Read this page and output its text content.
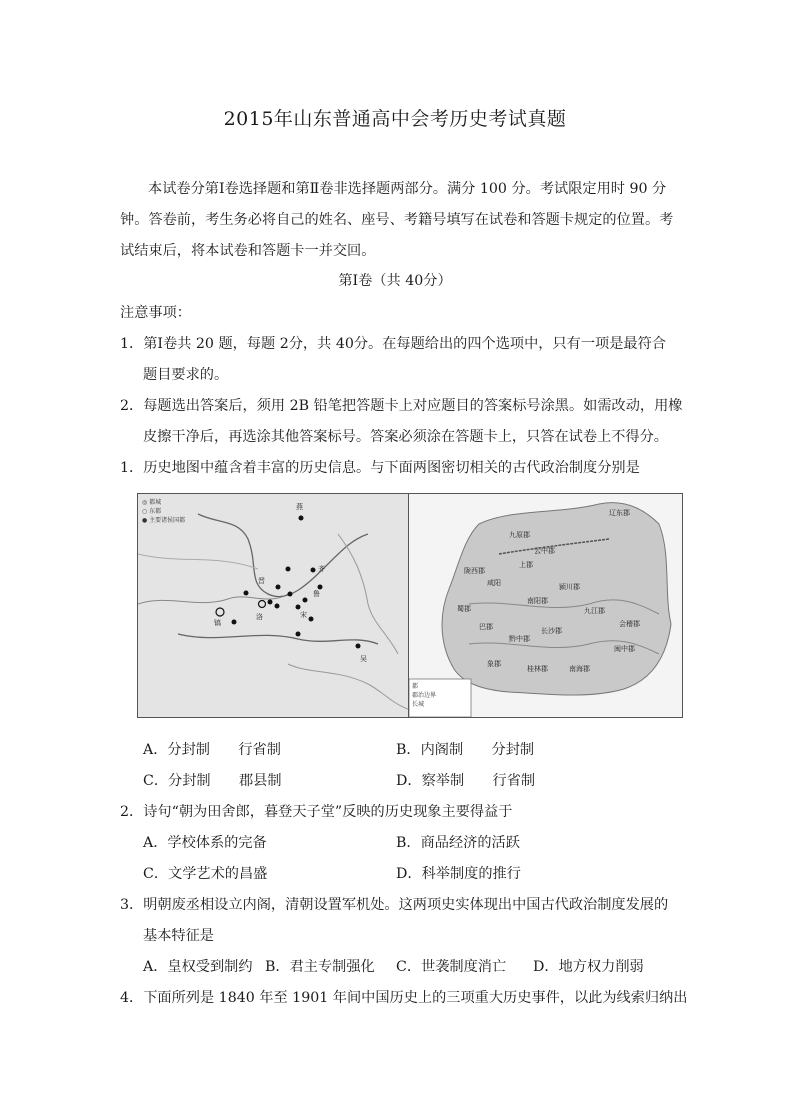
2015年山东普通高中会考历史考试真题
本试卷分第Ⅰ卷选择题和第Ⅱ卷非选择题两部分。满分 100 分。考试限定用时 90 分
钟。答卷前，考生务必将自己的姓名、座号、考籍号填写在试卷和答题卡规定的位置。考
试结束后，将本试卷和答题卡一并交回。
第Ⅰ卷（共 40分）
注意事项：
1．第Ⅰ卷共 20 题，每题 2分，共 40分。在每题给出的四个选项中，只有一项是最符合
题目要求的。
2．每题选出答案后，须用 2B 铅笔把答题卡上对应题目的答案标号涂黑。如需改动，用橡
皮擦干净后，再选涂其他答案标号。答案必须涂在答题卡上，只答在试卷上不得分。
1．历史地图中蕴含着丰富的历史信息。与下面两图密切相关的古代政治制度分别是
◎ 都城
○ 东都
● 主要诸侯国都
燕
齐
晋
鲁
宋
镐
洛
吴
辽东郡
九原郡
云中郡
上郡
陇西郡
咸阳	颍川郡
南阳郡
蜀郡
巴郡	长沙郡
黔中郡
九江郡
会稽郡
闽中郡
南海郡
桂林郡
象郡
都
郡治边界
长城
A．分封制　　行省制	B．内阁制　　分封制
C．分封制　　郡县制	D．察举制　　行省制
2．诗句“朝为田舍郎，暮登天子堂”反映的历史现象主要得益于
A．学校体系的完备	B．商品经济的活跃
C．文学艺术的昌盛	D．科举制度的推行
3．明朝废丞相设立内阁，清朝设置军机处。这两项史实体现出中国古代政治制度发展的
基本特征是
A．皇权受到制约 B．君主专制强化 C．世袭制度消亡 D．地方权力削弱
4．下面所列是 1840 年至 1901 年间中国历史上的三项重大历史事件，以此为线索归纳出
